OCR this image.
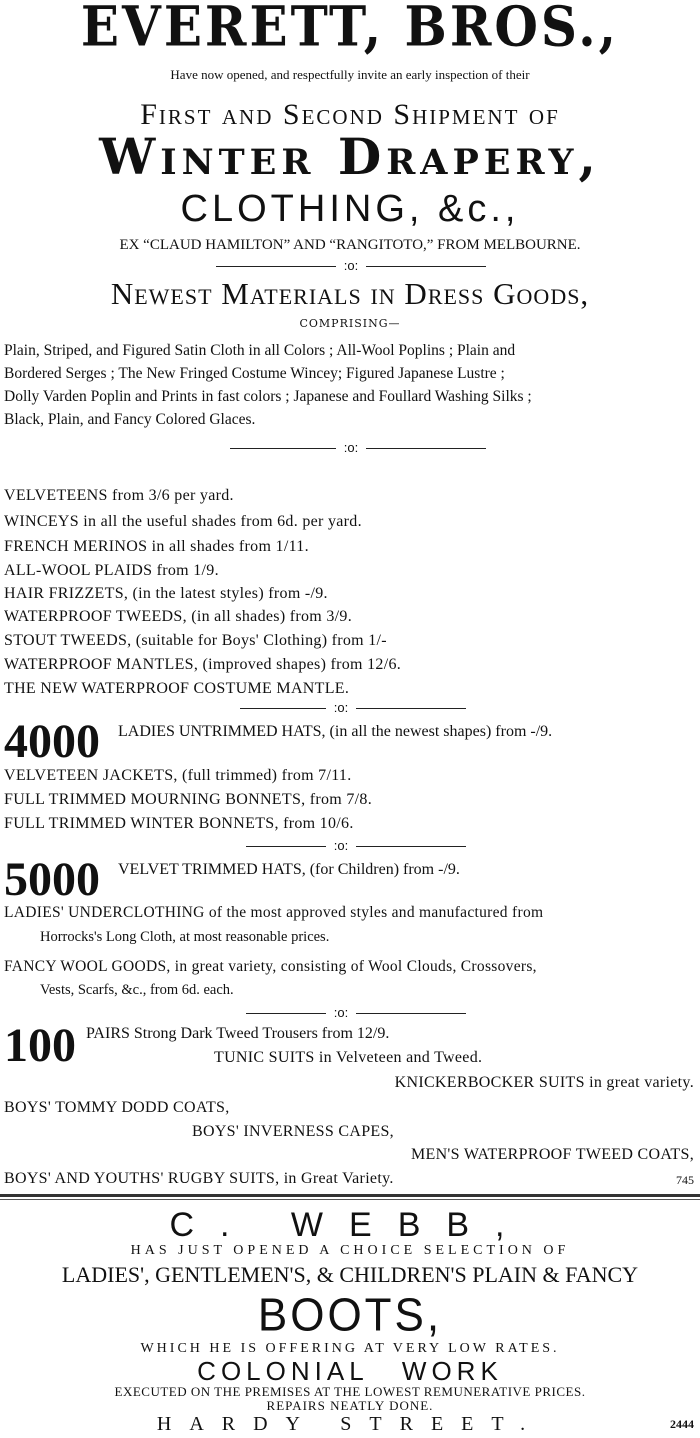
EVERETT, BROS.,
Have now opened, and respectfully invite an early inspection of their
First and Second Shipment of
Winter Drapery,
CLOTHING, &c.,
EX “CLAUD HAMILTON” AND “RANGITOTO,” FROM MELBOURNE.
:o:
Newest Materials in Dress Goods,
COMPRISING—
Plain, Striped, and Figured Satin Cloth in all Colors ; All-Wool Poplins ; Plain and
Bordered Serges ; The New Fringed Costume Wincey; Figured Japanese Lustre ;
Dolly Varden Poplin and Prints in fast colors ; Japanese and Foullard Washing Silks ;
Black, Plain, and Fancy Colored Glaces.
:o:
VELVETEENS from 3/6 per yard.
WINCEYS in all the useful shades from 6d. per yard.
FRENCH MERINOS in all shades from 1/11.
ALL-WOOL PLAIDS from 1/9.
HAIR FRIZZETS, (in the latest styles) from -/9.
WATERPROOF TWEEDS, (in all shades) from 3/9.
STOUT TWEEDS, (suitable for Boys' Clothing) from 1/-
WATERPROOF MANTLES, (improved shapes) from 12/6.
THE NEW WATERPROOF COSTUME MANTLE.
:o:
4000 LADIES UNTRIMMED HATS, (in all the newest shapes) from -/9.
VELVETEEN JACKETS, (full trimmed) from 7/11.
FULL TRIMMED MOURNING BONNETS, from 7/8.
FULL TRIMMED WINTER BONNETS, from 10/6.
:o:
5000 VELVET TRIMMED HATS, (for Children) from -/9.
LADIES' UNDERCLOTHING of the most approved styles and manufactured from
Horrocks's Long Cloth, at most reasonable prices.
FANCY WOOL GOODS, in great variety, consisting of Wool Clouds, Crossovers,
Vests, Scarfs, &c., from 6d. each.
:o:
100 PAIRS Strong Dark Tweed Trousers from 12/9.
TUNIC SUITS in Velveteen and Tweed.
KNICKERBOCKER SUITS in great variety.
BOYS' TOMMY DODD COATS,
BOYS' INVERNESS CAPES,
MEN'S WATERPROOF TWEED COATS,
BOYS' AND YOUTHS' RUGBY SUITS, in Great Variety.	745
C. WEBB,
HAS JUST OPENED A CHOICE SELECTION OF
LADIES', GENTLEMEN'S, & CHILDREN'S PLAIN & FANCY
BOOTS,
WHICH HE IS OFFERING AT VERY LOW RATES.
COLONIAL WORK
EXECUTED ON THE PREMISES AT THE LOWEST REMUNERATIVE PRICES.
REPAIRS NEATLY DONE.
HARDY STREET.	2444
